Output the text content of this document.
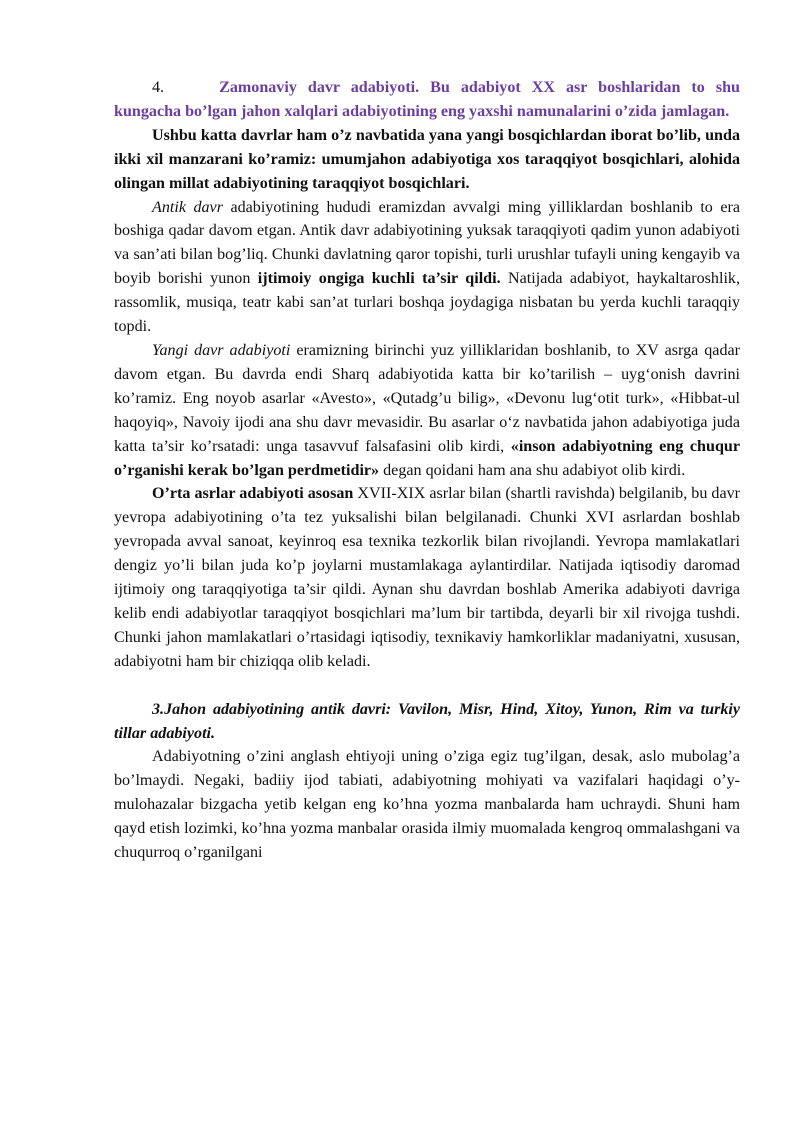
4.	Zamonaviy davr adabiyoti. Bu adabiyot XX asr boshlaridan to shu kungacha bo’lgan jahon xalqlari adabiyotining eng yaxshi namunalarini o’zida jamlagan.

Ushbu katta davrlar ham o’z navbatida yana yangi bosqichlardan iborat bo’lib, unda ikki xil manzarani ko’ramiz: umumjahon adabiyotiga xos taraqqiyot bosqichlari, alohida olingan millat adabiyotining taraqqiyot bosqichlari.

Antik davr adabiyotining hududi eramizdan avvalgi ming yilliklardan boshlanib to era boshiga qadar davom etgan. Antik davr adabiyotining yuksak taraqqiyoti qadim yunon adabiyoti va san’ati bilan bog’liq. Chunki davlatning qaror topishi, turli urushlar tufayli uning kengayib va boyib borishi yunon ijtimoiy ongiga kuchli ta’sir qildi. Natijada adabiyot, haykaltaroshlik, rassomlik, musiqa, teatr kabi san’at turlari boshqa joydagiga nisbatan bu yerda kuchli taraqqiy topdi.

Yangi davr adabiyoti eramizning birinchi yuz yilliklaridan boshlanib, to XV asrga qadar davom etgan. Bu davrda endi Sharq adabiyotida katta bir ko’tarilish – uyg‘onish davrini ko’ramiz. Eng noyob asarlar «Avesto», «Qutadg’u bilig», «Devonu lug‘otit turk», «Hibbat-ul haqoyiq», Navoiy ijodi ana shu davr mevasidir. Bu asarlar o‘z navbatida jahon adabiyotiga juda katta ta’sir ko’rsatadi: unga tasavvuf falsafasini olib kirdi, «inson adabiyotning eng chuqur o’rganishi kerak bo’lgan perdmetidir» degan qoidani ham ana shu adabiyot olib kirdi.

O’rta asrlar adabiyoti asosan XVII-XIX asrlar bilan (shartli ravishda) belgilanib, bu davr yevropa adabiyotining o’ta tez yuksalishi bilan belgilanadi. Chunki XVI asrlardan boshlab yevropada avval sanoat, keyinroq esa texnika tezkorlik bilan rivojlandi. Yevropa mamlakatlari dengiz yo’li bilan juda ko’p joylarni mustamlakaga aylantirdilar. Natijada iqtisodiy daromad ijtimoiy ong taraqqiyotiga ta’sir qildi. Aynan shu davrdan boshlab Amerika adabiyoti davriga kelib endi adabiyotlar taraqqiyot bosqichlari ma’lum bir tartibda, deyarli bir xil rivojga tushdi. Chunki jahon mamlakatlari o’rtasidagi iqtisodiy, texnikaviy hamkorliklar madaniyatni, xususan, adabiyotni ham bir chiziqqa olib keladi.

3.Jahon adabiyotining antik davri: Vavilon, Misr, Hind, Xitoy, Yunon, Rim va turkiy tillar adabiyoti.

Adabiyotning o’zini anglash ehtiyoji uning o’ziga egiz tug’ilgan, desak, aslo mubolag’a bo’lmaydi. Negaki, badiiy ijod tabiati, adabiyotning mohiyati va vazifalari haqidagi o’y-mulohazalar bizgacha yetib kelgan eng ko’hna yozma manbalarda ham uchraydi. Shuni ham qayd etish lozimki, ko’hna yozma manbalar orasida ilmiy muomalada kengroq ommalashgani va chuqurroq o’rganilgani
